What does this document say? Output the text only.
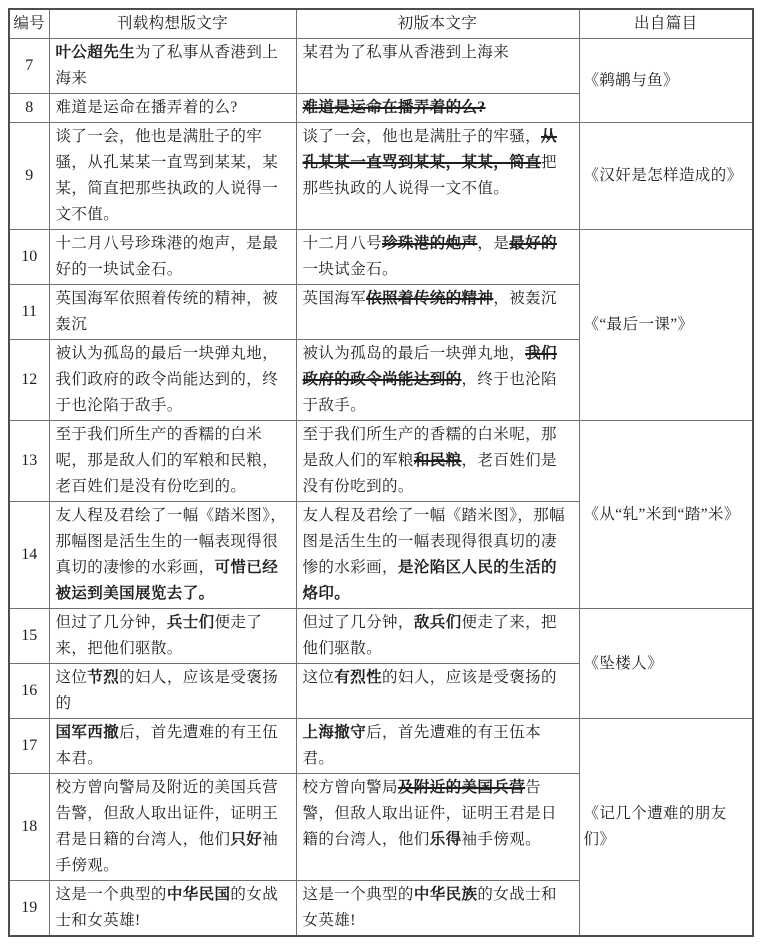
编号	刊载构想版文字	初版本文字	出自篇目
7	叶公超先生为了私事从香港到上海来	某君为了私事从香港到上海来	《鹈鹕与鱼》
8	难道是运命在播弄着的么?	难道是运命在播弄着的么?	
9	谈了一会，他也是满肚子的牢骚，从孔某某一直骂到某某，某某，简直把那些执政的人说得一文不值。	谈了一会，他也是满肚子的牢骚，从孔某某一直骂到某某，某某，简直把那些执政的人说得一文不值。	《汉奸是怎样造成的》
10	十二月八号珍珠港的炮声，是最好的一块试金石。	十二月八号珍珠港的炮声，是最好的一块试金石。	《“最后一课”》
11	英国海军依照着传统的精神，被轰沉	英国海军依照着传统的精神，被轰沉	
12	被认为孤岛的最后一块弹丸地，我们政府的政令尚能达到的，终于也沦陷于敌手。	被认为孤岛的最后一块弹丸地，我们政府的政令尚能达到的，终于也沦陷于敌手。	
13	至于我们所生产的香糯的白米呢，那是敌人们的军粮和民粮，老百姓们是没有份吃到的。	至于我们所生产的香糯的白米呢，那是敌人们的军粮和民粮，老百姓们是没有份吃到的。	《从“轧”米到“踏”米》
14	友人程及君绘了一幅《踏米图》，那幅图是活生生的一幅表现得很真切的凄惨的水彩画，可惜已经被运到美国展览去了。	友人程及君绘了一幅《踏米图》，那幅图是活生生的一幅表现得很真切的凄惨的水彩画，是沦陷区人民的生活的烙印。	
15	但过了几分钟，兵士们便走了来，把他们驱散。	但过了几分钟，敌兵们便走了来，把他们驱散。	《坠楼人》
16	这位节烈的妇人，应该是受褒扬的	这位有烈性的妇人，应该是受褒扬的	
17	国军西撤后，首先遭难的有王伍本君。	上海撤守后，首先遭难的有王伍本君。	《记几个遭难的朋友们》
18	校方曾向警局及附近的美国兵营告警，但敌人取出证件，证明王君是日籍的台湾人，他们只好袖手傍观。	校方曾向警局及附近的美国兵营告警，但敌人取出证件，证明王君是日籍的台湾人，他们乐得袖手傍观。	
19	这是一个典型的中华民国的女战士和女英雄!	这是一个典型的中华民族的女战士和女英雄!	
